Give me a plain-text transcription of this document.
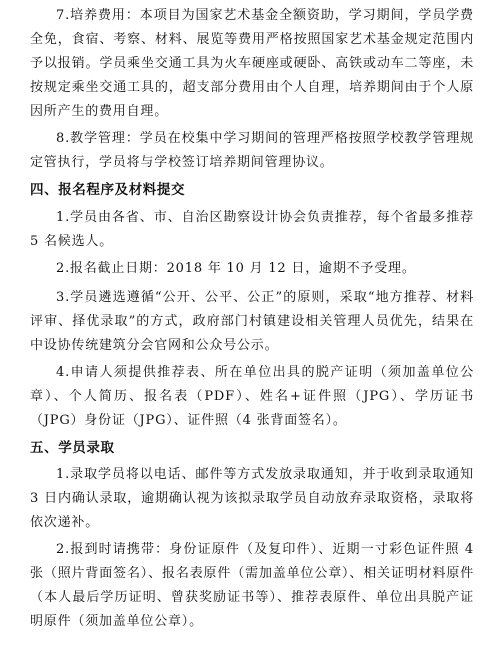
7.培养费用：本项目为国家艺术基金全额资助，学习期间，学员学费全免，食宿、考察、材料、展览等费用严格按照国家艺术基金规定范围内予以报销。学员乘坐交通工具为火车硬座或硬卧、高铁或动车二等座，未按规定乘坐交通工具的，超支部分费用由个人自理，培养期间由于个人原因所产生的费用自理。
8.教学管理：学员在校集中学习期间的管理严格按照学校教学管理规定管执行，学员将与学校签订培养期间管理协议。
四、报名程序及材料提交
1.学员由各省、市、自治区勘察设计协会负责推荐，每个省最多推荐 5 名候选人。
2.报名截止日期：2018 年 10 月 12 日，逾期不予受理。
3.学员遴选遵循“公开、公平、公正”的原则，采取“地方推荐、材料评审、择优录取”的方式，政府部门村镇建设相关管理人员优先，结果在中设协传统建筑分会官网和公众号公示。
4.申请人须提供推荐表、所在单位出具的脱产证明（须加盖单位公章）、个人简历、报名表（PDF）、姓名+证件照（JPG）、学历证书（JPG）身份证（JPG）、证件照（4 张背面签名）。
五、学员录取
1.录取学员将以电话、邮件等方式发放录取通知，并于收到录取通知 3 日内确认录取，逾期确认视为该拟录取学员自动放弃录取资格，录取将依次递补。
2.报到时请携带：身份证原件（及复印件）、近期一寸彩色证件照 4 张（照片背面签名）、报名表原件（需加盖单位公章）、相关证明材料原件（本人最后学历证明、曾获奖励证书等）、推荐表原件、单位出具脱产证明原件（须加盖单位公章）。
